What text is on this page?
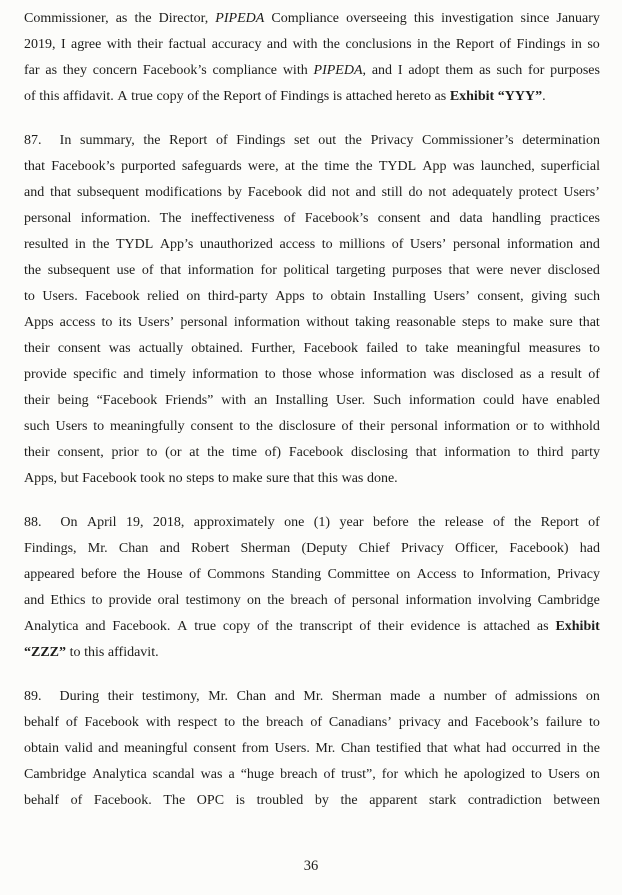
Commissioner, as the Director, PIPEDA Compliance overseeing this investigation since January
2019, I agree with their factual accuracy and with the conclusions in the Report of Findings in so
far as they concern Facebook’s compliance with PIPEDA, and I adopt them as such for purposes
of this affidavit. A true copy of the Report of Findings is attached hereto as Exhibit “YYY”.
87.	In summary, the Report of Findings set out the Privacy Commissioner’s determination
that Facebook’s purported safeguards were, at the time the TYDL App was launched, superficial
and that subsequent modifications by Facebook did not and still do not adequately protect Users’
personal information. The ineffectiveness of Facebook’s consent and data handling practices
resulted in the TYDL App’s unauthorized access to millions of Users’ personal information and
the subsequent use of that information for political targeting purposes that were never disclosed
to Users. Facebook relied on third-party Apps to obtain Installing Users’ consent, giving such
Apps access to its Users’ personal information without taking reasonable steps to make sure that
their consent was actually obtained. Further, Facebook failed to take meaningful measures to
provide specific and timely information to those whose information was disclosed as a result of
their being “Facebook Friends” with an Installing User. Such information could have enabled
such Users to meaningfully consent to the disclosure of their personal information or to withhold
their consent, prior to (or at the time of) Facebook disclosing that information to third party
Apps, but Facebook took no steps to make sure that this was done.
88.	On April 19, 2018, approximately one (1) year before the release of the Report of
Findings, Mr. Chan and Robert Sherman (Deputy Chief Privacy Officer, Facebook) had
appeared before the House of Commons Standing Committee on Access to Information, Privacy
and Ethics to provide oral testimony on the breach of personal information involving Cambridge
Analytica and Facebook. A true copy of the transcript of their evidence is attached as Exhibit
“ZZZ” to this affidavit.
89.	During their testimony, Mr. Chan and Mr. Sherman made a number of admissions on
behalf of Facebook with respect to the breach of Canadians’ privacy and Facebook’s failure to
obtain valid and meaningful consent from Users. Mr. Chan testified that what had occurred in the
Cambridge Analytica scandal was a “huge breach of trust”, for which he apologized to Users on
behalf of Facebook. The OPC is troubled by the apparent stark contradiction between
36
